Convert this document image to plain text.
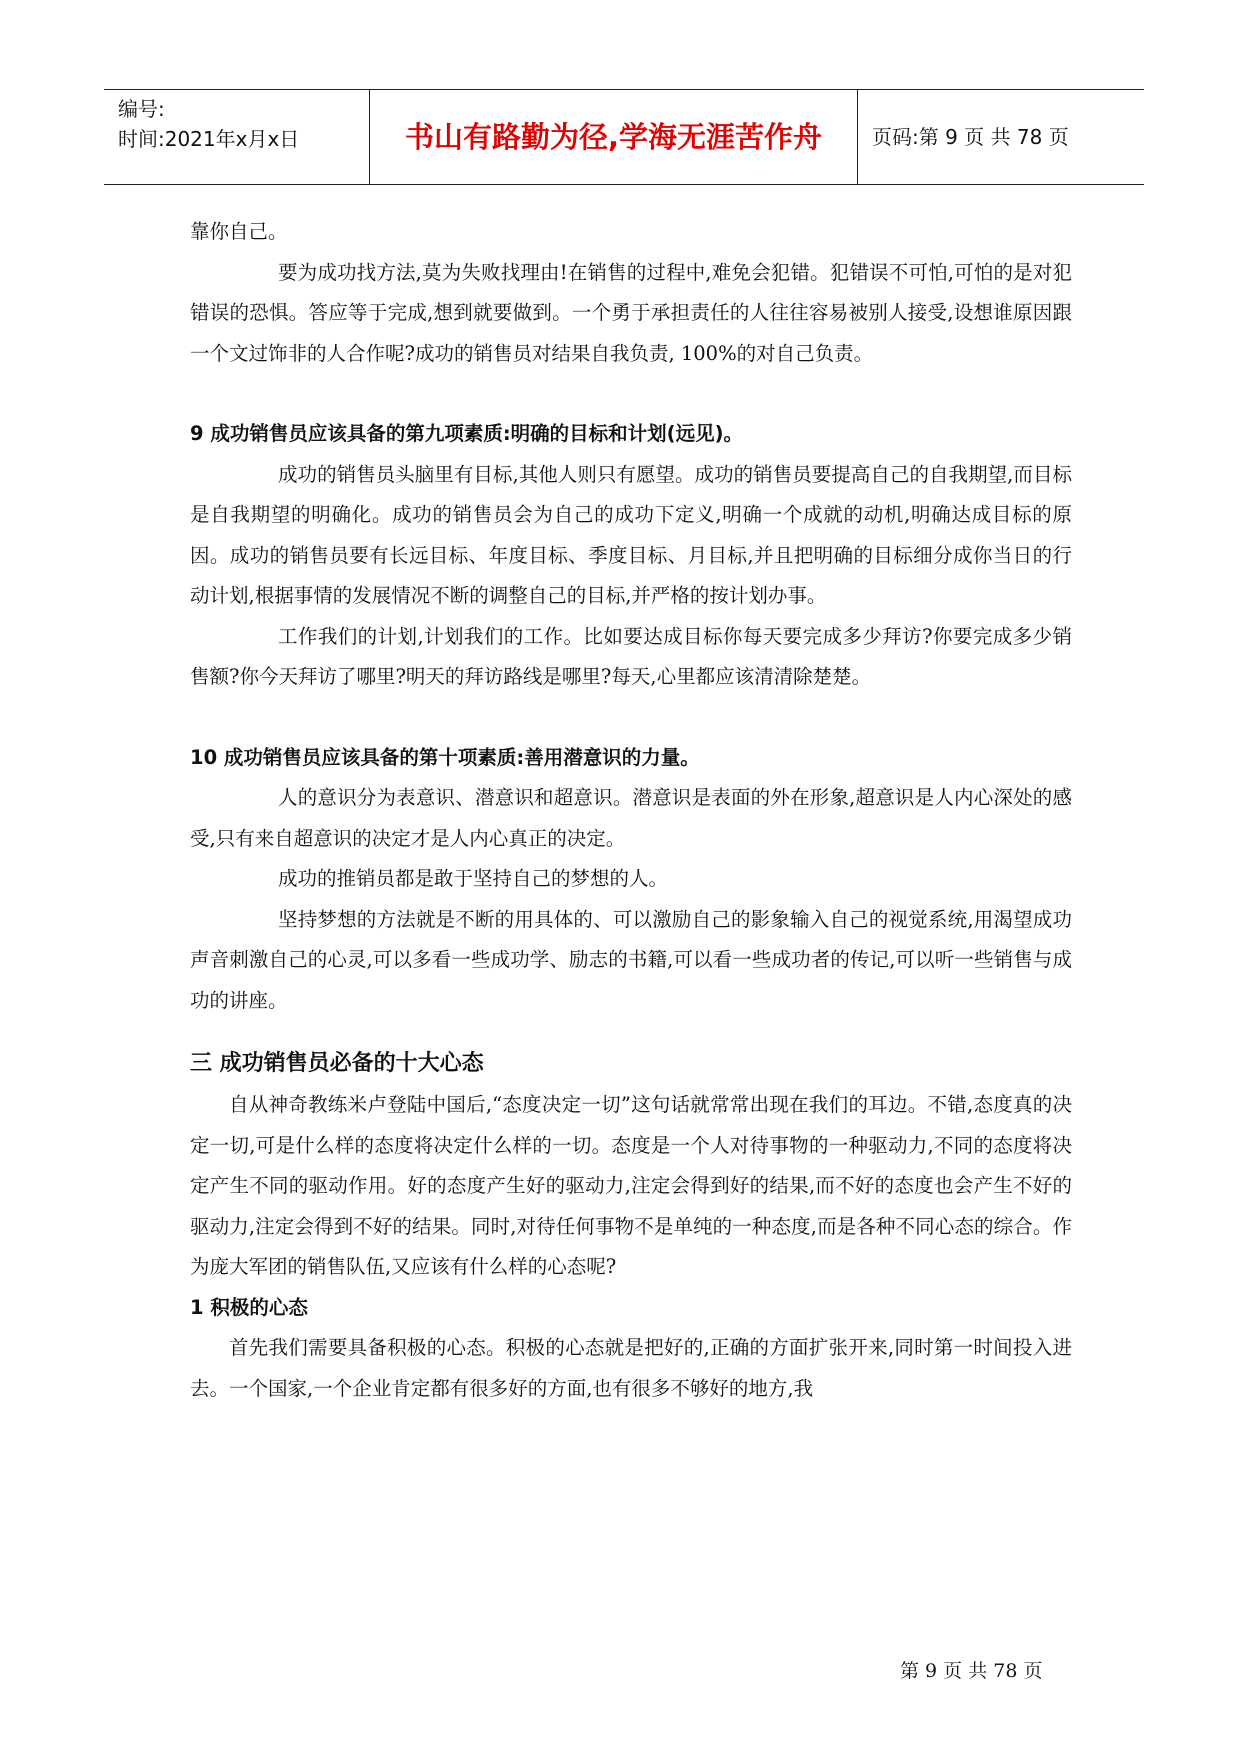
编号:
时间:2021年x月x日	书山有路勤为径,学海无涯苦作舟	页码:第 9 页 共 78 页

靠你自己。

要为成功找方法,莫为失败找理由!在销售的过程中,难免会犯错。犯错误不可怕,可怕的是对犯错误的恐惧。答应等于完成,想到就要做到。一个勇于承担责任的人往往容易被别人接受,设想谁原因跟一个文过饰非的人合作呢?成功的销售员对结果自我负责, 100%的对自己负责。

9 成功销售员应该具备的第九项素质:明确的目标和计划(远见)。

成功的销售员头脑里有目标,其他人则只有愿望。成功的销售员要提高自己的自我期望,而目标是自我期望的明确化。成功的销售员会为自己的成功下定义,明确一个成就的动机,明确达成目标的原因。成功的销售员要有长远目标、年度目标、季度目标、月目标,并且把明确的目标细分成你当日的行动计划,根据事情的发展情况不断的调整自己的目标,并严格的按计划办事。

工作我们的计划,计划我们的工作。比如要达成目标你每天要完成多少拜访?你要完成多少销售额?你今天拜访了哪里?明天的拜访路线是哪里?每天,心里都应该清清除楚楚。

10 成功销售员应该具备的第十项素质:善用潜意识的力量。

人的意识分为表意识、潜意识和超意识。潜意识是表面的外在形象,超意识是人内心深处的感受,只有来自超意识的决定才是人内心真正的决定。

成功的推销员都是敢于坚持自己的梦想的人。

坚持梦想的方法就是不断的用具体的、可以激励自己的影象输入自己的视觉系统,用渴望成功声音刺激自己的心灵,可以多看一些成功学、励志的书籍,可以看一些成功者的传记,可以听一些销售与成功的讲座。

三 成功销售员必备的十大心态

自从神奇教练米卢登陆中国后,“态度决定一切”这句话就常常出现在我们的耳边。不错,态度真的决定一切,可是什么样的态度将决定什么样的一切。态度是一个人对待事物的一种驱动力,不同的态度将决定产生不同的驱动作用。好的态度产生好的驱动力,注定会得到好的结果,而不好的态度也会产生不好的驱动力,注定会得到不好的结果。同时,对待任何事物不是单纯的一种态度,而是各种不同心态的综合。作为庞大军团的销售队伍,又应该有什么样的心态呢?

1 积极的心态

首先我们需要具备积极的心态。积极的心态就是把好的,正确的方面扩张开来,同时第一时间投入进去。一个国家,一个企业肯定都有很多好的方面,也有很多不够好的地方,我

第 9 页 共 78 页
